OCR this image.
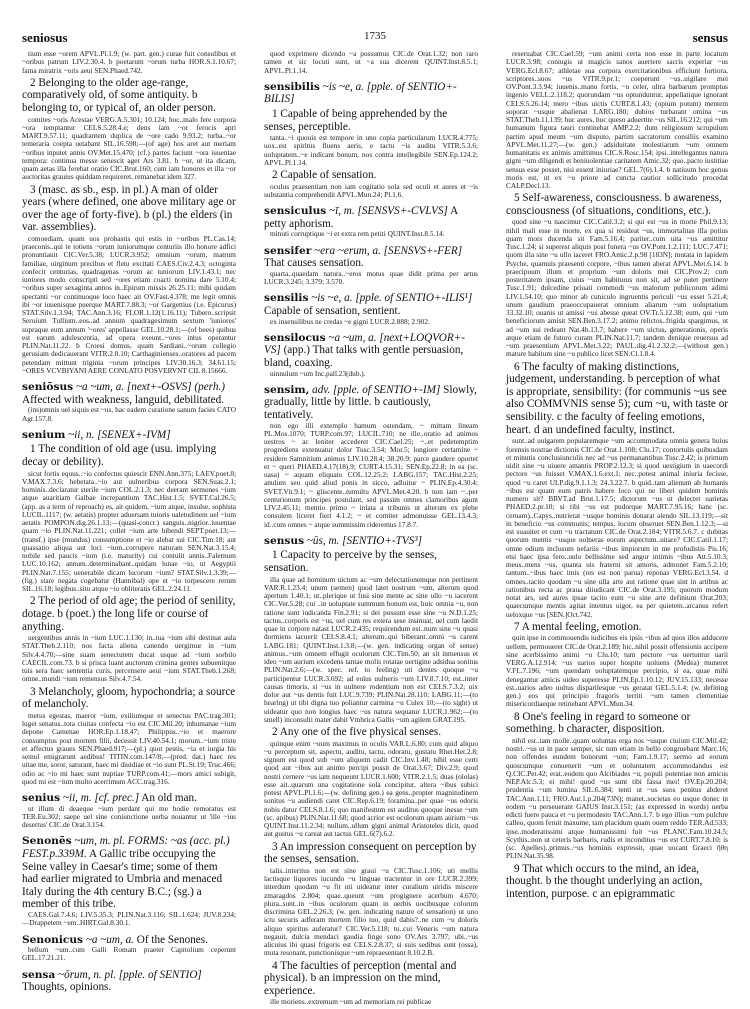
seniosus	1735	sensus

tium esse ~orem APVL.Pl.1.9; (w. part. gen.) curae fuit consulibus et ~oribus patrum LIV.2.30.4. b poetarum ~orum turba HOR.S.1.10.67; fama miratrix ~oris aeui SEN.Phaed.742.

2 Belonging to the older age-range, comparatively old, of some antiquity. b belonging to, or typical of, an older person.

comites ~oris Acestae VERG.A.5.301; 10.124; hoc..malo fere corpora ~ora temptantur CELS.5.28.4.e; dens iam ~or ferocis apri MART.9.57.11; quadrantem duplica de ~ore cado 9.93.2; turba..~or temeraria coepta uetabant SIL.16.598;—(of age) hos aret aut meriam ~oribus inputet annis OV.Met.15.470; (cf.) partes faciunt ~ora iuuentae tempora: continua messe senescit ager Ars 3.81. b ~or, ut ita dicam, quam aetas illa ferebat oratio CIC.Brut.160; cum iam honores et illa ~or auctoritas grauius quiddam requireret, remanebat idem 327.

3 (masc. as sb., esp. in pl.) A man of older years (where defined, one above military age or over the age of forty-five). b (pl.) the elders (in var. assemblies).

comoediam, quam uos probastis qui estis in ~oribus PL.Cas.14; praeconis..qui te totiens ~orum iuniorumque centuriis illo honore adfici pronuntiauit CIC.Ver.5.38; LUCR.3.952; omnium ~orum, matrum familiae, uirginum precibus et fletu excitati CAES.Civ.2.4.3; octoginta confecit centurias, quadragenas ~orum ac iuniorum LIV.1.43.1; nec iuniores modo conscripti sed ~ores etiam coacti nomina dare 5.10.4; ~oribus super sexaginta annos in..Epirum missis 26.25.11; mihi quidam spectanti ~or continuoque loco haec ait OV.Fast.4.378; me legit omnis ibi ~or iuuenisque puerque MART.7.88.3; ~or Gargettius (i.e. Epicurus) STAT.Silv.1.3.94; TAC.Ann.3.16; FLOR.1.12(1.16.11); Tubero..scripsit Seruium Tullium..eos..ad annum quadragesimum sextum 'iuniores' supraque eum annum '~ores' appellasse GEL.10.28.1;—(of bees) quibus est earum adulescentia, ad opera exeunt..~ores intus operantur PLIN.Nat.11.22. b Croesi domus, quam Sardiani..~orum collegio gerusiam dedicauerant VITR.2.8.10; Carthaginienses..oratores ad pacem petendam mittunt triginta ~orum principes LIV.30.16.3; 34.61.15; ~ORES VCVBIYANI AERE CONLATO POSVERVNT CIL 8.15666.

seniōsus ~a ~um, a. [next+-OSVS] (perh.) Affected with weakness, languid, debilitated.

(ins)omnis uel siquis est ~us, hac eadem curatione sanum facies CATO Agr.157.8.

senium ~ii, n. [SENEX+-IVM]

1 The condition of old age (usu. implying decay or debility).

sicut fortis equus..~io confectus quiescit ENN.Ann.375; LAEV.poet.8; V.MAX.7.3.6; hebetata..~io aut uulneribus corpora SEN.Suas.2.1; hominis..declaratur sterile ~ium COL.2.1.3; nec deerant sermones ~ium atque auaritiam Galbae increpantium TAC.Hist.1.5; SVET.Cal.26.5; (app. as a term of reproach) es, ait quidem, ~ium atque, insulse, sophista LUCIL.1117; (w. aetatis) propter aduersam tutoris ualetudinem uel ~ium aetatis POMPON.dig.26.1.13;—(quasi-concr.) sanguis..nigrior..iuuentae quam ~io PLIN.Nat.11.221; collet ~ium arte bibendi SEPT.poet.13;—(transf.) ipse (mundus) consumptione et ~io alebat sui CIC.Tim.18; aut quassatio aliqua aut loci ~ium..corrupere naturam SEN.Nat.3.15.4; nobile sed paucis ~ium (i.e. maturity) cui contulit annis..Falernum LUC.10.162; annum..determinabant..quidam lunae ~io, ut Aegyptii PLIN.Nat.7.155; uenerabile dicam lucorum ~ium? STAT.Silv.1.3.39;—(fig.) stare negata cogebatur (Hannibal) ope et ~io torpescere rerum SIL.16.18; legibus..situ atque ~io obliteratis GEL.2.24.11.

2 The period of old age; the period of senility, dotage. b (poet.) the long life or course of anything.

uergentibus annis in ~ium LUC.1.130; in..tua ~ium sibi destinat aula STAT.Theb.2.110; nos facta aliena canendo uergimur in ~ium Silv.4.4.70;—sine suam senectutem ducat usque ad ~ium sorbilo CAECIL.com.73. b si prisca luant auctorum crimina gentes subuenitque tuis sera haec sententia curis, percensere aeui ~ium STAT.Theb.1.268; omne..mundi ~ium remensus Silv.4.7.54.

3 Melancholy, gloom, hypochondria; a source of melancholy.

metus egestas, maeror ~ium, exiliumque et senectus PAC.trag.301; luget senatus..tota ciuitas confecta ~io est CIC.Mil.20; inhumanae ~ium depone Camenae HOR.Ep.1.18.47; Philippus..~io et maerore consumptus post mortem filii, decessit LIV.40.54.1; morum..~ium triste et affectus graues SEN.Phaed.917;—(pl.) quot pestis, ~ia et iurgia his semul emigrarunt aedibus! TITIN.com.147/8;—(pred. dat.) haec res uitae me, soror, saturant, haec mi diuidiae et ~io sunt PL.St.19; Truc.466; odio ac ~io mi haec sunt nuptiae TURP.com.41;—mors amici subigit, quod mi est ~ium multo acerrimum ACC.trag.316.

senius ~ii, m. [cf. prec.] An old man.

ut illum di deaeque ~ium perdant qui me hodie remoratus est TER.Eu.302; saepe uel sine coniunctione uerba nouantur ut 'ille ~ius desertus' CIC.de Orat.3.154.

Senonēs ~um, m. pl. FORMS: ~as (acc. pl.) FEST.p.339M. A Gallic tribe occupying the Seine valley in Caesar's time; some of them had earlier migrated to Umbria and menaced Italy during the 4th century B.C.; (sg.) a member of this tribe.

CAES.Gal.7.4.6; LIV.5.35.3; PLIN.Nat.3.116; SIL.1.624; JUV.8.234;—Drappetem ~em..HIRT.Gal.8.30.1.

Senonicus ~a ~um, a. Of the Senones.

bellum ~um..cum Galli Romam praeter Capitolium ceperunt GEL.17.21.21.

sensa ~ōrum, n. pl. [pple. of SENTIO] Thoughts, opinions.

quod exprimere dicendo ~a possumus CIC.de Orat.1.32; non raro tamen et sic locuti sunt, ut ~a sua dicerent QUINT.Inst.8.5.1; APVL.Pl.1.14.

sensibilis ~is ~e, a. [pple. of SENTIO+-BILIS]

1 Capable of being apprehended by the senses, perceptible.

tanta..~i quouis est tempore in uno copia particularum LUCR.4.775; uox..est spiritus fluens aeris, e tactu ~is auditu VITR.5.3.6; uoluptatem..~e indicant bonum, nos contra intellegibile SEN.Ep.124.2; APVL.Pl.1.14.

2 Capable of sensation.

oculus praesentiam non iam cogitatio sola sed oculi et aures et ~is substantia comprehendit APVL.Mun.24; Pl.1.6.

sensiculus ~ī, m. [SENSVS+-CVLVS] A petty aphorism.

minuti corruptique ~i et extra rem petiti QUINT.Inst.8.5.14.

sensifer ~era ~erum, a. [SENSVS+-FER] That causes sensation.

quarta..quaedam natura..~eros motus quae didit prima per artus LUCR.3.245; 3.379; 3.570.

sensilis ~is ~e, a. [pple. of SENTIO+-ILIS¹] Capable of sensation, sentient.

ex insensilibus ne credas ~e gigni LUCR.2.888; 2.902.

sensilocus ~a ~um, a. [next+LOQVOR+-VS] (app.) That talks with gentle persuasion, bland, coaxing.

uinnulum ~um Inc.pall.23(dub.).

sensim, adv. [pple. of SENTIO+-IM] Slowly, gradually, little by little. b cautiously, tentatively.

non ego illi extemplo hamum ostendam, ~ mittam lineam PL.Mos.1070; TURP.com.97; LUCIL.710; ne ille..oratio ad animos uestros ~ ac leniter accederet CIC.Cael.25; ~..et pedetemptim progrediens extenuatur dolor Tusc.3.54; Mor.5; longiore certamine ~ residere Samnitium animos LIV.10.28.4; 38.20.9; parce gaudere oportet et ~ queri PHAED.4.17(18).9; CURT.4.15.31; SEN.Ep.22.8; in ea (sc. uasa) ~ aquam eliquato COL.12.25.2; LABG.157; TAC.Hist.2.25; anulum seu quid aliud ponis in sicco, adluitur ~ PLIN.Ep.4.30.4; SVET.Vit.9.1; ~ gliscente..tumultu APVL.Met.4.20. b non iam ~..per centurionum principes postulant, sed passim omnes clamoribus agunt LIV.2.45.11; mentio primo ~ inlata a tribunis ut alterum ex plebe consulem liceret fieri 4.1.2; ~ et comiter admonuisse GEL.13.4.3; id..cum omnes ~ atque summissim rideremus 17.8.7.

sensus ~ūs, m. [SENTIO+-TVS³]

1 Capacity to perceive by the senses, sensation.

illa quae ad hominum uictum ac ~um delectationemque non pertinent VAR.R.1.23.4; unum (semen) quod latet nostrum ~um, alterum quod apertum 1.40.1; ut..plerique ut fusi sine mente ac sine ullo ~u iacerent CIC.Ver.5.28; cui ..in uoluptate summum bonum est, huic omnia ~u, non ratione sunt iudicanda Fin.2.91; si dei possunt esse sine ~u N.D.1.25; tactus..corporis est ~us, uel cum res extera sese insinuat, uel cum laedit quae in corpore natast LUCR.2.435; requirendum est..num sine ~u quasi dormiens iacuerit CELS.8.4.1; alterum..qui hiberant..omni ~u carent LABG.181; QUINT.Inst.1.3.8;—(w. gen. indicating organ of sense) animus..~um omnem effugit oculorum CIC.Tim.50; an sit inmensus et ideo ~um aurium excedens tantae molis rotatae uertigine adsidua sonitus PLIN.Nat.2.6;—(w. spec. ref. to feeling) uti dentes quoque ~u participentur LUCR.3.692; ad eulus uulneris ~um LIV.8.7.10; est..inter causas timoris, si ~us in uulnere rodentium non est CELS.7.3.2; uix dolor aut ~us dentis fuit LUC.9.739; PLIN.Nat.28.110; LABG.11;—(to hearing) ut tibi digna tuo poliantur carmina ~u Culex 10;—(to sight) ut uideatur quo non longius haec ~us natura sequatur LUCR.1.962;—(to smell) inconsulti mater dabit Vmbrica Gallis ~um agilem GRAT.195.

2 Any one of the five physical senses.

quinque enim ~uum maximus in oculis VAR.L.6.80; cum quid aliquo ~u perceptum sit, aspectu, auditu, tactu, odoratu, gustatu Rhet.Her.2.8; signum est quod sub ~um aliquem cadit CIC.Inv.1.48; nihil esse certi quod aut ~ibus aut animo percipi possit de Orat.3.67; Div.2.9; quod nostri cernere ~us iam nequeunt LUCR.1.600; VITR.2.1.5; duas (ololas) esse ait..quarum una cogitatione sola concipitur, altera ~ibus subici potest APVL.Pl.1.6;—(w. defining gen.) ea gens..propter magnitudinem sonitus ~u audiendi caret CIC.Rep.6.19; foramina..per quae ~us odoris nobis datur CELS.8.1.6; quo manifestum est auditus quoque inesse ~um (sc. apibus) PLIN.Nat.11.68; quod acrior est oculorum quam aurium ~us QUINT.Inst.11.2.34; nullum..ullum gigni animal Aristoteles dicit, quod aut gustus ~u careat aut tactus GEL.6(7).6.2.

3 An impression consequent on perception by the senses, sensation.

talis..interitus non est sine graui ~u CIC.Tusc.1.106; uti mellis lactisque liquores iucundo ~u linguae tractentur in ore LUCR.2.399; interdum quodam ~u fit uti uideatur inter curalium uiridis miscere zmaragdos 2.804; quae..queunt ~um progignere acerbum 4.670; plura..sunt..in ~ibus oculorum quam in uerbis uocibusque colorum discrimina GEL.2.26.3; (w. gen. indicating nature of sensation) ut uno ictu securis adferam mortem filio tuo, quid dabis?..ne cum ~u doloris aliquo spiritus auferatur? CIC.Ver.5.118; tu..cui Veneris ~um natura negauit, dulcia mendaci gaudia finge sono OV.Ars 3.797; ubi..~us alicuius ibi quasi frigoris est CELS.2.8.37; si suis sedibus sunt (ossa), muta resonant, punctionisque ~um repraesentant 8.10.2.B.

4 The faculties of perception (mental and physical). b an impression on the mind, experience.

ille moriens..extremum ~um ad memoriam rei publicae

reseruabat CIC.Cael.59; ~um animi certa non esse in parte locatum LUCR.3.98; coniugis ut magicis sanos auertere sacris experiar ~us VERG.Ecl.8.67; athletae sua corpora exercitationibus efficiunt fortiora, scriptores..suos ~us VITR.9.pr.1; coeperunt ~us..uigilare mei OV.Pont.3.3.94; iuuenis..manu fortis, ~u celer, ultra barbarum promptus ingenio VELL.2.118.2; quorundam ~us optunduntur, appellatique ignorant CELS.5.26.14; mero ~ibus uictis CURT.8.1.43; (opium potum) mentem soporat ~usque abalienat LARG.180; dubios turbarant omina ~us STAT.Theb.11.139; huc aures, huc queso aduertite ~us SIL.16.212; qui ~um humanum figura tauri continebat AMP.2.2; dum religiosum scrupulum partim apud meum ~um disputo, partim sacratorum consiliis examino APVL.Met.11.27;—(w. gen.) adsiduitate molestiarum ~um omnem humanitatis ex animis amittimus CIC.S.Rosc.154; ipsi..intellegantus natura gigni ~um diligendi et beniuolentiae caritatem Amic.32; quo..pacto iustitiae sensus esse posset, nisi essent iniuriae? GEL.7(6).1.4. b natiuum hoc genus moris est, ut ex ~u priore ad cuncta cautior sollicitudo procedat CALP.Decl.13.

5 Self-awareness, consciousness. b awareness, consciousness (of situations, conditions, etc.).

quod sine ~u nascimur CIC.Catil.3.2; si qui est ~us in morte Phil.9.13; nihil mali esse in morte, ex qua si resideat ~us, immortalitas illa potius quam mors ducenda sit Fam.5.16.4; pariter..cum uita ~us amittitur Tusc.1.24; si superest aliquis post funera ~us OV.Pont.1.2.111; LUC.7.471; quom illa sine ~u ullo iaceret FRO.Amic.2.p.98 [183N]; mutata in lapidem Psyche, quamuis praesenti corpore, ~ibus tamen aberat APVL.Met.6.14. b praecipuum illum et proprium ~um doloris mei CIC.Prov.2; cum posteritatem ipsam, cuius ~um habiturus non sit, ad se putet pertinere Tusc.1.91; dulcedine priuati commodi ~us malorum publicorum adimi LIV.1.54.10; quo minor ab cuniculo ingruentis periculi ~us esset 5.21.4; unum gaudium praeoccupauerat omnium aliarum ~um uoluptatium 33.32.10; ouanis ut amissi ~us abesse queat OV.Tr.5.12.38; eum, qui ~um beneficiorum amisit SEN.Ben.3.17.2; animo relictos..frigida spargimus, ut ad ~um sui redeant Nat.4b.13.7; habere ~um uictus, generationis, operis atque etiam de futuro curam PLIN.Nat.11.7; tandem denique reuersus ad ~um praesentium APVL.Met.3.22; PAUL.dig.41.2.32.2;—(without gen.) mature habitum sine ~u publico licet SEN.Cl.1.8.4.

6 The faculty of making distinctions, judgement, understanding. b perception of what is appropriate, sensibility: (for communis ~us see also COMMVNIS sense 5); cum ~u, with taste or sensibility. c the faculty of feeling emotions, heart. d an undefined faculty, instinct.

sunt..ad uulgarem popularemque ~um accommodata omnia genera huius forensis nostrae dictionis CIC.de Orat.1.108; Clu.17; contortulis quibusdam et minutis conclusiunculis nec ad ~us permanantibus Tusc.2.42; is primum uidit sine ~u uiuere amantis PROP.2.12.3; si quod uestigium in uaecordi pectore ~us fuisset V.MAX.1.6.ext.1; nec..potest animal iniuria fecisse, quod ~u caret ULP.dig.9.1.1.3; 24.3.22.7. b quid..tam alienum ab humanis ~ibus est quam eum patris habere loco qui ne liberi quidem hominis numero sit? BRVT.ad Brut.1.17.5; dictorum ~us ut delectet uarietas PHAED.2.pr.10; si tibi ~us est pudorque MART.7.95.16; hanc (sc. ceruam)..Capys..nutrierat ~usque hominis donarat alendo SIL.13.119;—sit in beneficio ~us communis; tempus, locum obseruet SEN.Ben.1.12.3;—si est suauiter et cum ~u tractatum CIC.de Orat.2.184; VITR.5.6.7. c dubitas quorum mentis ~usque uolneras eorum aspectum..uitare? CIC.Catil.1.17; omne odium inclusum nefariis ~ibus impiorum in me profudistis Pis.16; etsi haec ipsa fero..uulo bellissime sed angor intimis ~ibus Att.5.10.3; meus..mens ~us, quanta uis fraterni sit amoris, admonet Fam.5.2.10; tantum..~ibus haec imis (res est non parua) reponas VERG.Ecl.3.54. d omnes..tacito quodam ~u sine ulla arte aut ratione quae sint in artibus ac rationibus recta ac praua diiudicant CIC.de Orat.3.195; quorum modum notat ars, sed aures ipsae tacito eum ~u sine arte definiunt Orat.203; quaecumque mentis agitat intentus uigor, ea per quietem..arcanus refert ueloxque ~us [SEN.]Oct.742.

7 A mental feeling, emotion.

quin ipse in commouendis iudicibus eis ipsis ~ibus ad quos illos adducere uellem, permoueret CIC.de Orat.2.189; hic..nihil possit offensionis accipere sine acerbissimo animi ~u Clu.10; tum pectore ~us uertuntur uarii VERG.A.12.914; ~us uarios super hospite uoluens (Medea) muneret V.FL.7.196; ~um quendam uoluptatemque percipio, si ea, quae mihi denegantur amicis uideo superesse PLIN.Ep.1.10.12; JUV.15.133; necesse est..uarios adeo uultus disparilesque ~us geratat GEL.5.1.4; (w. defining gen.) eos qui principio fragoris territi ~um tamen clementiae misericordiaeque retinebant APVL.Mun.34.

8 One's feeling in regard to someone or something. b character, disposition.

nihil est..tam molle..quam uoluntas erga nos ~usque ciuium CIC.Mil.42; nostri..~us ut in pace semper, sic tum etiam in bello congruebant Marc.16; non offendes eundem bonorum ~um; Fam.1.9.17; sermo ad eorum quoscumque conuenerit ~um et uoluntatem accommodandus est Q.CIC.Pet.42; erat..eodem quo Alcibiades ~u, populi potentiae non amicus NEP.Alc.5.3; ei mihi! quod ~us sunt tibi fassa mei! OV.Ep.20.204; prudentia ~um lumina SIL.6.384; tenti ut ~us suos penitus abderet TAC.Ann.1.11; FRO.Aur.1.p.204(73N); manet..societas eo usque donec in eodem ~u perseuerant GAIUS Inst.3.151; (as expressed in words) uerba edicti fuere pauca et ~u permodesto TAC.Ann.1.7. b ego illius ~um pulchre calleo, quom feruit maxume, tam placidum quam ouem reddo TER.Ad.533; ipse..moderatissimi atque humanissimi fuit ~us PLANC.Fam.10.24.5; Scythis..non ut ceteris barbaris, rudis et inconditus ~us est CURT.7.8.10; is (sc. Apelles)..primus..~us hominis expressit, quae uocant Graeci ἤθη PLIN.Nat.35.98.

9 That which occurs to the mind, an idea, thought. b the thought underlying an action, intention, purpose. c an epigrammatic
